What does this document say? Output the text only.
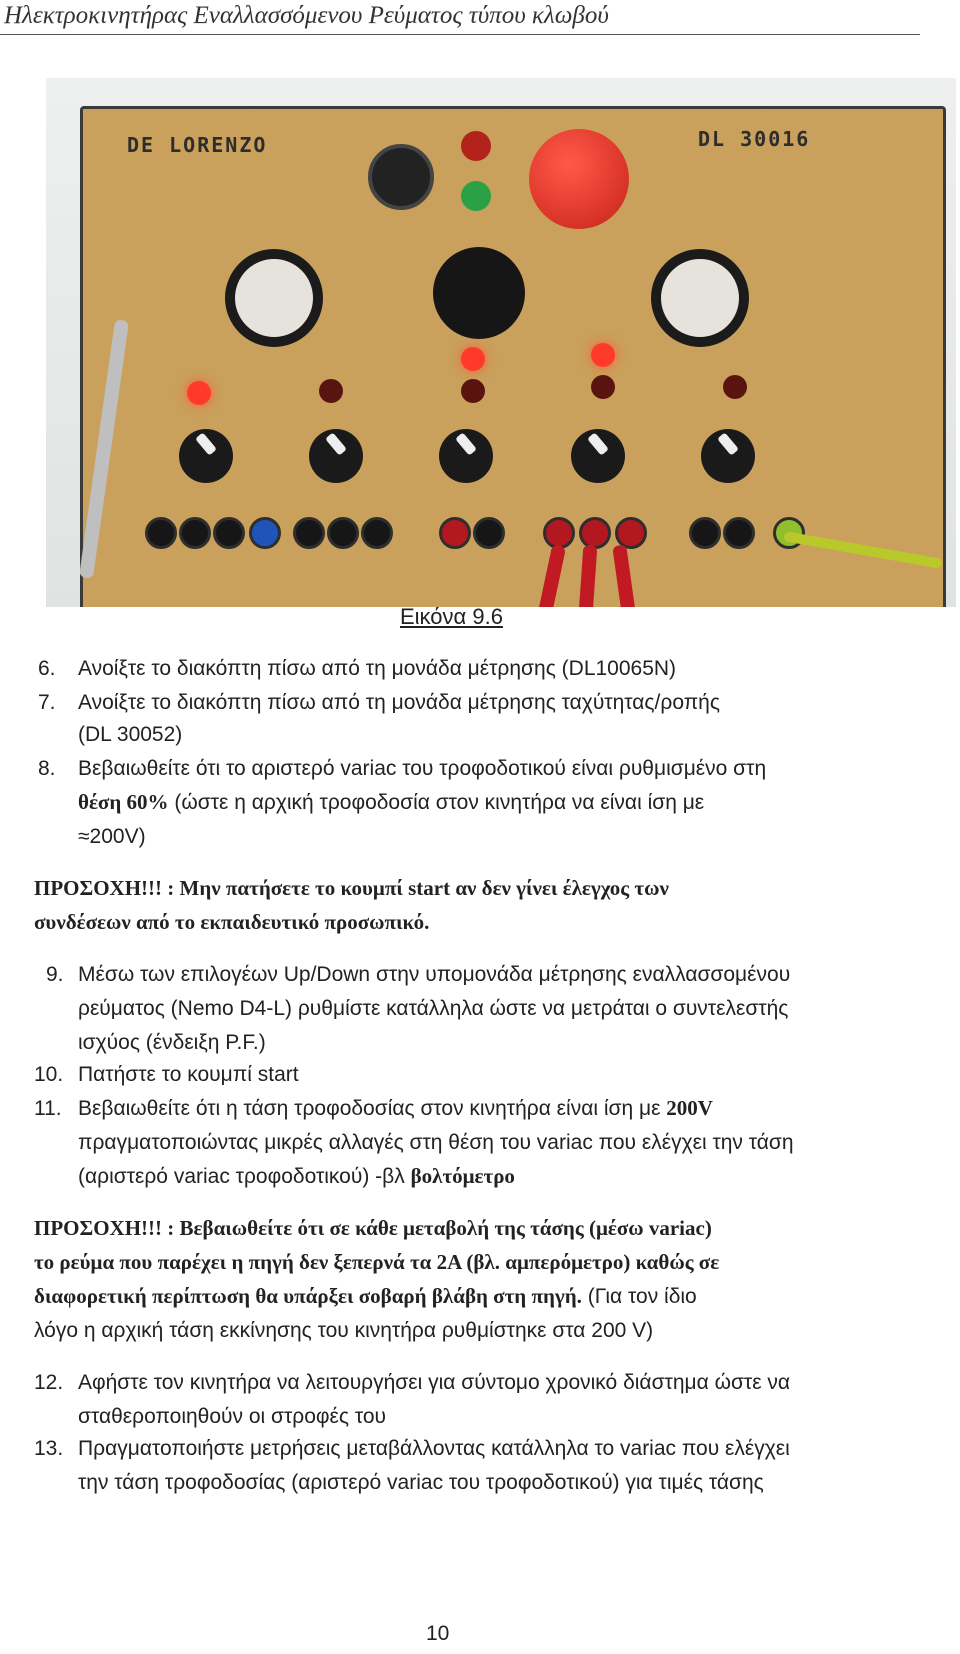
Ηλεκτροκινητήρας Εναλλασσόμενου Ρεύματος τύπου κλωβού
DE LORENZO	DL 30016
Εικόνα 9.6
6. Ανοίξτε το διακόπτη πίσω από τη μονάδα μέτρησης (DL10065N)
7. Ανοίξτε το διακόπτη πίσω από τη μονάδα μέτρησης ταχύτητας/ροπής
(DL 30052)
8. Βεβαιωθείτε ότι το αριστερό variac του τροφοδοτικού είναι ρυθμισμένο στη
θέση 60% (ώστε η αρχική τροφοδοσία στον κινητήρα να είναι ίση με
≈200V)
ΠΡΟΣΟΧΗ!!! : Μην πατήσετε το κουμπί start αν δεν γίνει έλεγχος των
συνδέσεων από το εκπαιδευτικό προσωπικό.
9. Μέσω των επιλογέων Up/Down στην υπομονάδα μέτρησης εναλλασσομένου
ρεύματος (Nemo D4-L) ρυθμίστε κατάλληλα ώστε να μετράται ο συντελεστής
ισχύος (ένδειξη P.F.)
10. Πατήστε το κουμπί start
11. Βεβαιωθείτε ότι η τάση τροφοδοσίας στον κινητήρα είναι ίση με 200V
πραγματοποιώντας μικρές αλλαγές στη θέση του variac που ελέγχει την τάση
(αριστερό variac τροφοδοτικού) -βλ βολτόμετρο
ΠΡΟΣΟΧΗ!!! : Βεβαιωθείτε ότι σε κάθε μεταβολή της τάσης (μέσω variac)
το ρεύμα που παρέχει η πηγή δεν ξεπερνά τα 2Α (βλ. αμπερόμετρο) καθώς σε
διαφορετική περίπτωση θα υπάρξει σοβαρή βλάβη στη πηγή. (Για τον ίδιο
λόγο η αρχική τάση εκκίνησης του κινητήρα ρυθμίστηκε στα 200 V)
12. Αφήστε τον κινητήρα να λειτουργήσει για σύντομο χρονικό διάστημα ώστε να
σταθεροποιηθούν οι στροφές του
13. Πραγματοποιήστε μετρήσεις μεταβάλλοντας κατάλληλα το variac που ελέγχει
την τάση τροφοδοσίας (αριστερό variac του τροφοδοτικού) για τιμές τάσης
10
